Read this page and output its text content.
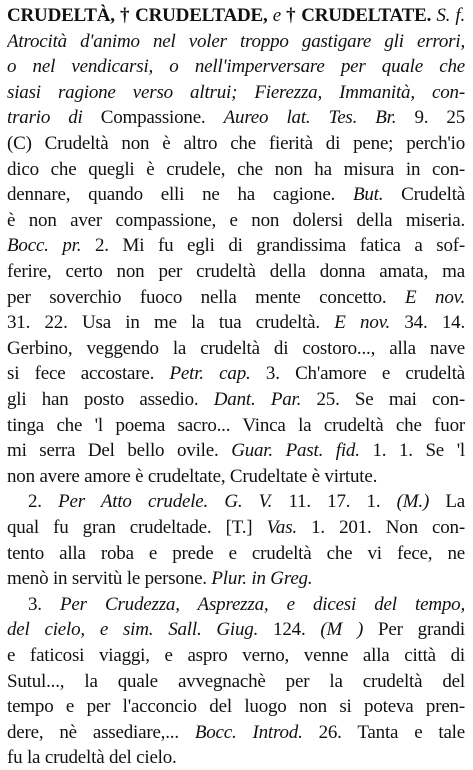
CRUDELTÀ, † CRUDELTADE, e † CRUDELTATE. S. f.
Atrocità d'animo nel voler troppo gastigare gli errori,
o nel vendicarsi, o nell'imperversare per quale che
siasi ragione verso altrui; Fierezza, Immanità, con-
trario di Compassione. Aureo lat. Tes. Br. 9. 25
(C) Crudeltà non è altro che fierità di pene; perch'io
dico che quegli è crudele, che non ha misura in con-
dennare, quando elli ne ha cagione. But. Crudeltà
è non aver compassione, e non dolersi della miseria.
Bocc. pr. 2. Mi fu egli di grandissima fatica a sof-
ferire, certo non per crudeltà della donna amata, ma
per soverchio fuoco nella mente concetto. E nov.
31. 22. Usa in me la tua crudeltà. E nov. 34. 14.
Gerbino, veggendo la crudeltà di costoro..., alla nave
si fece accostare. Petr. cap. 3. Ch'amore e crudeltà
gli han posto assedio. Dant. Par. 25. Se mai con-
tinga che 'l poema sacro... Vinca la crudeltà che fuor
mi serra Del bello ovile. Guar. Past. fid. 1. 1. Se 'l
non avere amore è crudeltate, Crudeltate è virtute.
2. Per Atto crudele. G. V. 11. 17. 1. (M.) La
qual fu gran crudeltade. [T.] Vas. 1. 201. Non con-
tento alla roba e prede e crudeltà che vi fece, ne
menò in servitù le persone. Plur. in Greg.
3. Per Crudezza, Asprezza, e dicesi del tempo,
del cielo, e sim. Sall. Giug. 124. (M ) Per grandi
e faticosi viaggi, e aspro verno, venne alla città di
Sutul..., la quale avvegnachè per la crudeltà del
tempo e per l'acconcio del luogo non si poteva pren-
dere, nè assediare,... Bocc. Introd. 26. Tanta e tale
fu la crudeltà del cielo.
